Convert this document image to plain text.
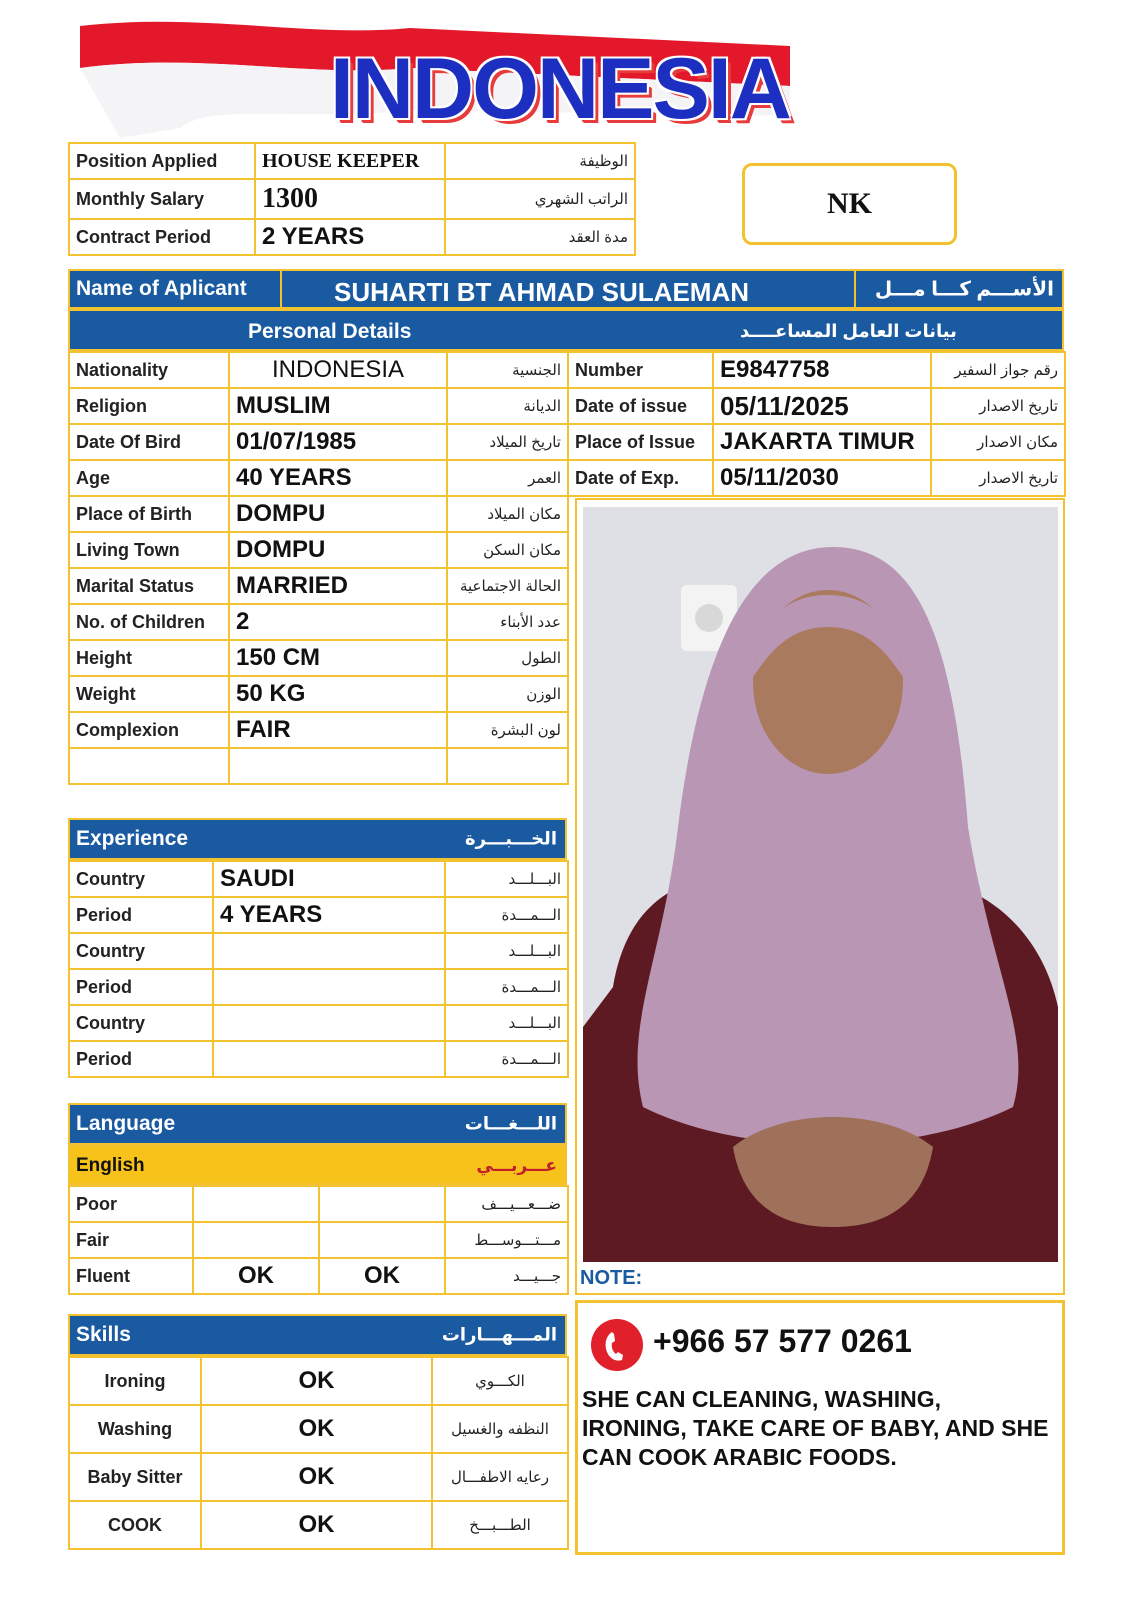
INDONESIA
NK
Position Applied	HOUSE KEEPER	الوظيفة
Monthly Salary	1300	الراتب الشهري
Contract Period	2 YEARS	مدة العقد
Name of Aplicant	SUHARTI BT AHMAD SULAEMAN	الأســـم كـــا مـــل
Personal Details	بيانات العامل المساعــــد
Nationality	INDONESIA	الجنسية
Religion	MUSLIM	الديانة
Date Of Bird	01/07/1985	تاريخ الميلاد
Age	40 YEARS	العمر
Place of Birth	DOMPU	مكان الميلاد
Living Town	DOMPU	مكان السكن
Marital Status	MARRIED	الحالة الاجتماعية
No. of Children	2	عدد الأبناء
Height	150 CM	الطول
Weight	50 KG	الوزن
Complexion	FAIR	لون البشرة

Number	E9847758	رقم جواز السفير
Date of issue	05/11/2025	تاريخ الاصدار
Place of Issue	JAKARTA TIMUR	مكان الاصدار
Date of Exp.	05/11/2030	تاريخ الاصدار
Experience	الخـــبـــرة
Country	SAUDI	البـــلـــد
Period	4 YEARS	الـــمـــدة
Country		البـــلـــد
Period		الـــمـــدة
Country		البـــلـــد
Period		الـــمـــدة
Language	اللـــغـــات
English	عـــربـــي
Poor			ضـــعـــيـــف
Fair			مـــتـــوســـط
Fluent	OK	OK	جـــيـــد
Skills	المـــهـــارات
Ironing	OK	الكـــوي
Washing	OK	النظفه والغسيل
Baby Sitter	OK	رعايه الاطفـــال
COOK	OK	الطـــبـــخ
NOTE:
+966 57 577 0261
SHE CAN CLEANING, WASHING, IRONING, TAKE CARE OF BABY, AND SHE CAN COOK ARABIC FOODS.
